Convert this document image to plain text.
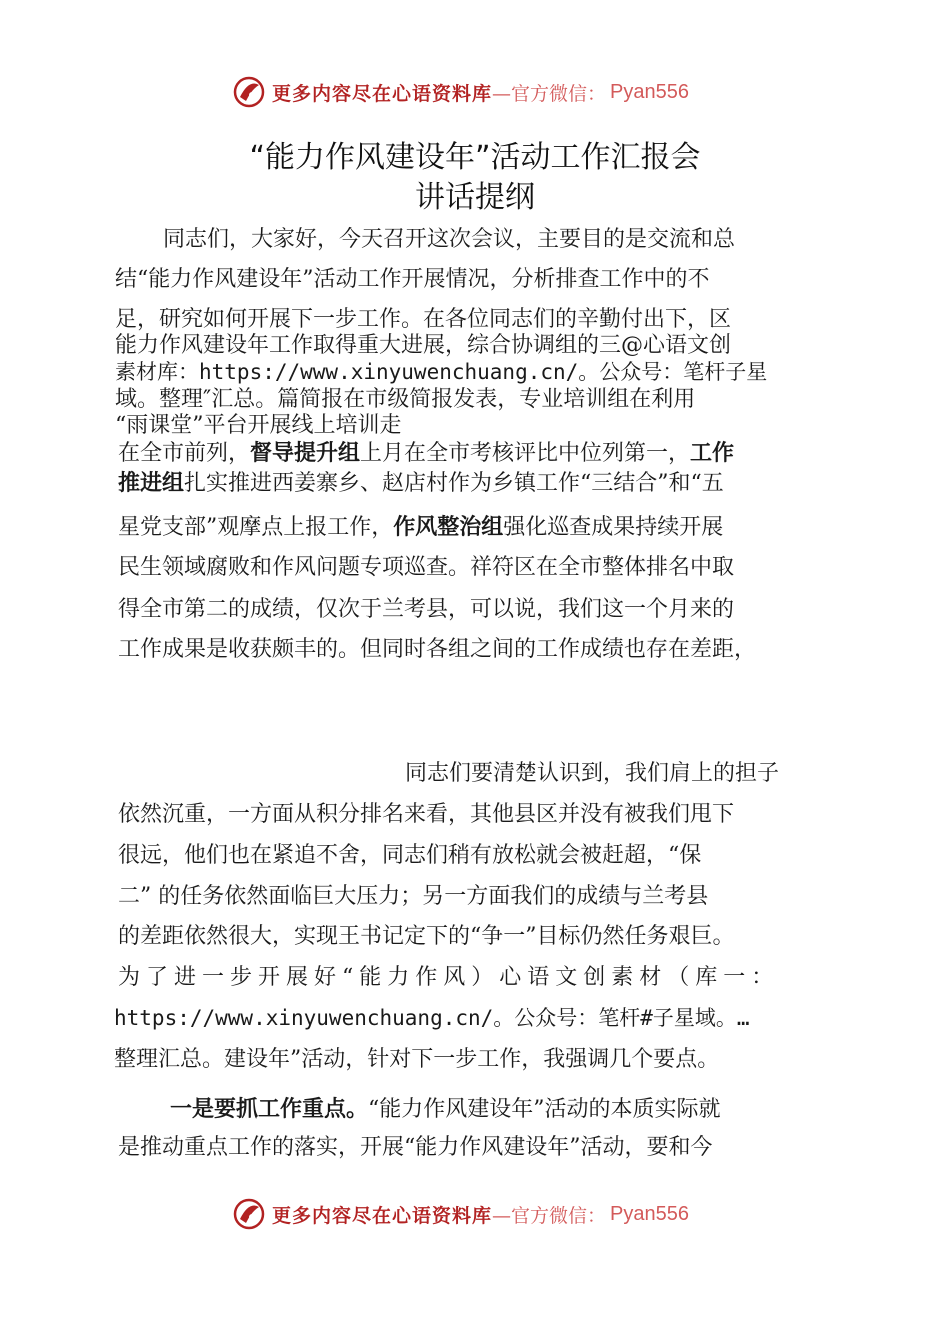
更多内容尽在心语资料库 —官方微信： Pyan556
“能力作风建设年”活动工作汇报会
讲话提纲
同志们，大家好，今天召开这次会议，主要目的是交流和总
结“能力作风建设年”活动工作开展情况，分析排查工作中的不
足，研究如何开展下一步工作。在各位同志们的辛勤付出下，区
能力作风建设年工作取得重大进展，综合协调组的三@心语文创
素材库：https://www.xinyuwenchuang.cn/。公众号：笔杆子星
域。整理″汇总。篇简报在市级简报发表，专业培训组在利用
“雨课堂”平台开展线上培训走
在全市前列，督导提升组上月在全市考核评比中位列第一，工作
推进组扎实推进西姜寨乡、赵店村作为乡镇工作“三结合”和“五
星党支部”观摩点上报工作，作风整治组强化巡查成果持续开展
民生领域腐败和作风问题专项巡查。祥符区在全市整体排名中取
得全市第二的成绩，仅次于兰考县，可以说，我们这一个月来的
工作成果是收获颇丰的。但同时各组之间的工作成绩也存在差距，
同志们要清楚认识到，我们肩上的担子
依然沉重，一方面从积分排名来看，其他县区并没有被我们甩下
很远，他们也在紧追不舍，同志们稍有放松就会被赶超，“保
二” 的任务依然面临巨大压力；另一方面我们的成绩与兰考县
的差距依然很大，实现王书记定下的“争一”目标仍然任务艰巨。
为了进一步开展好“能力作风）心语文创素材（库一：
https://www.xinyuwenchuang.cn/。公众号：笔杆#子星域。…
整理汇总。建设年”活动，针对下一步工作，我强调几个要点。
一是要抓工作重点。“能力作风建设年”活动的本质实际就
是推动重点工作的落实，开展“能力作风建设年”活动，要和今
更多内容尽在心语资料库 —官方微信： Pyan556
